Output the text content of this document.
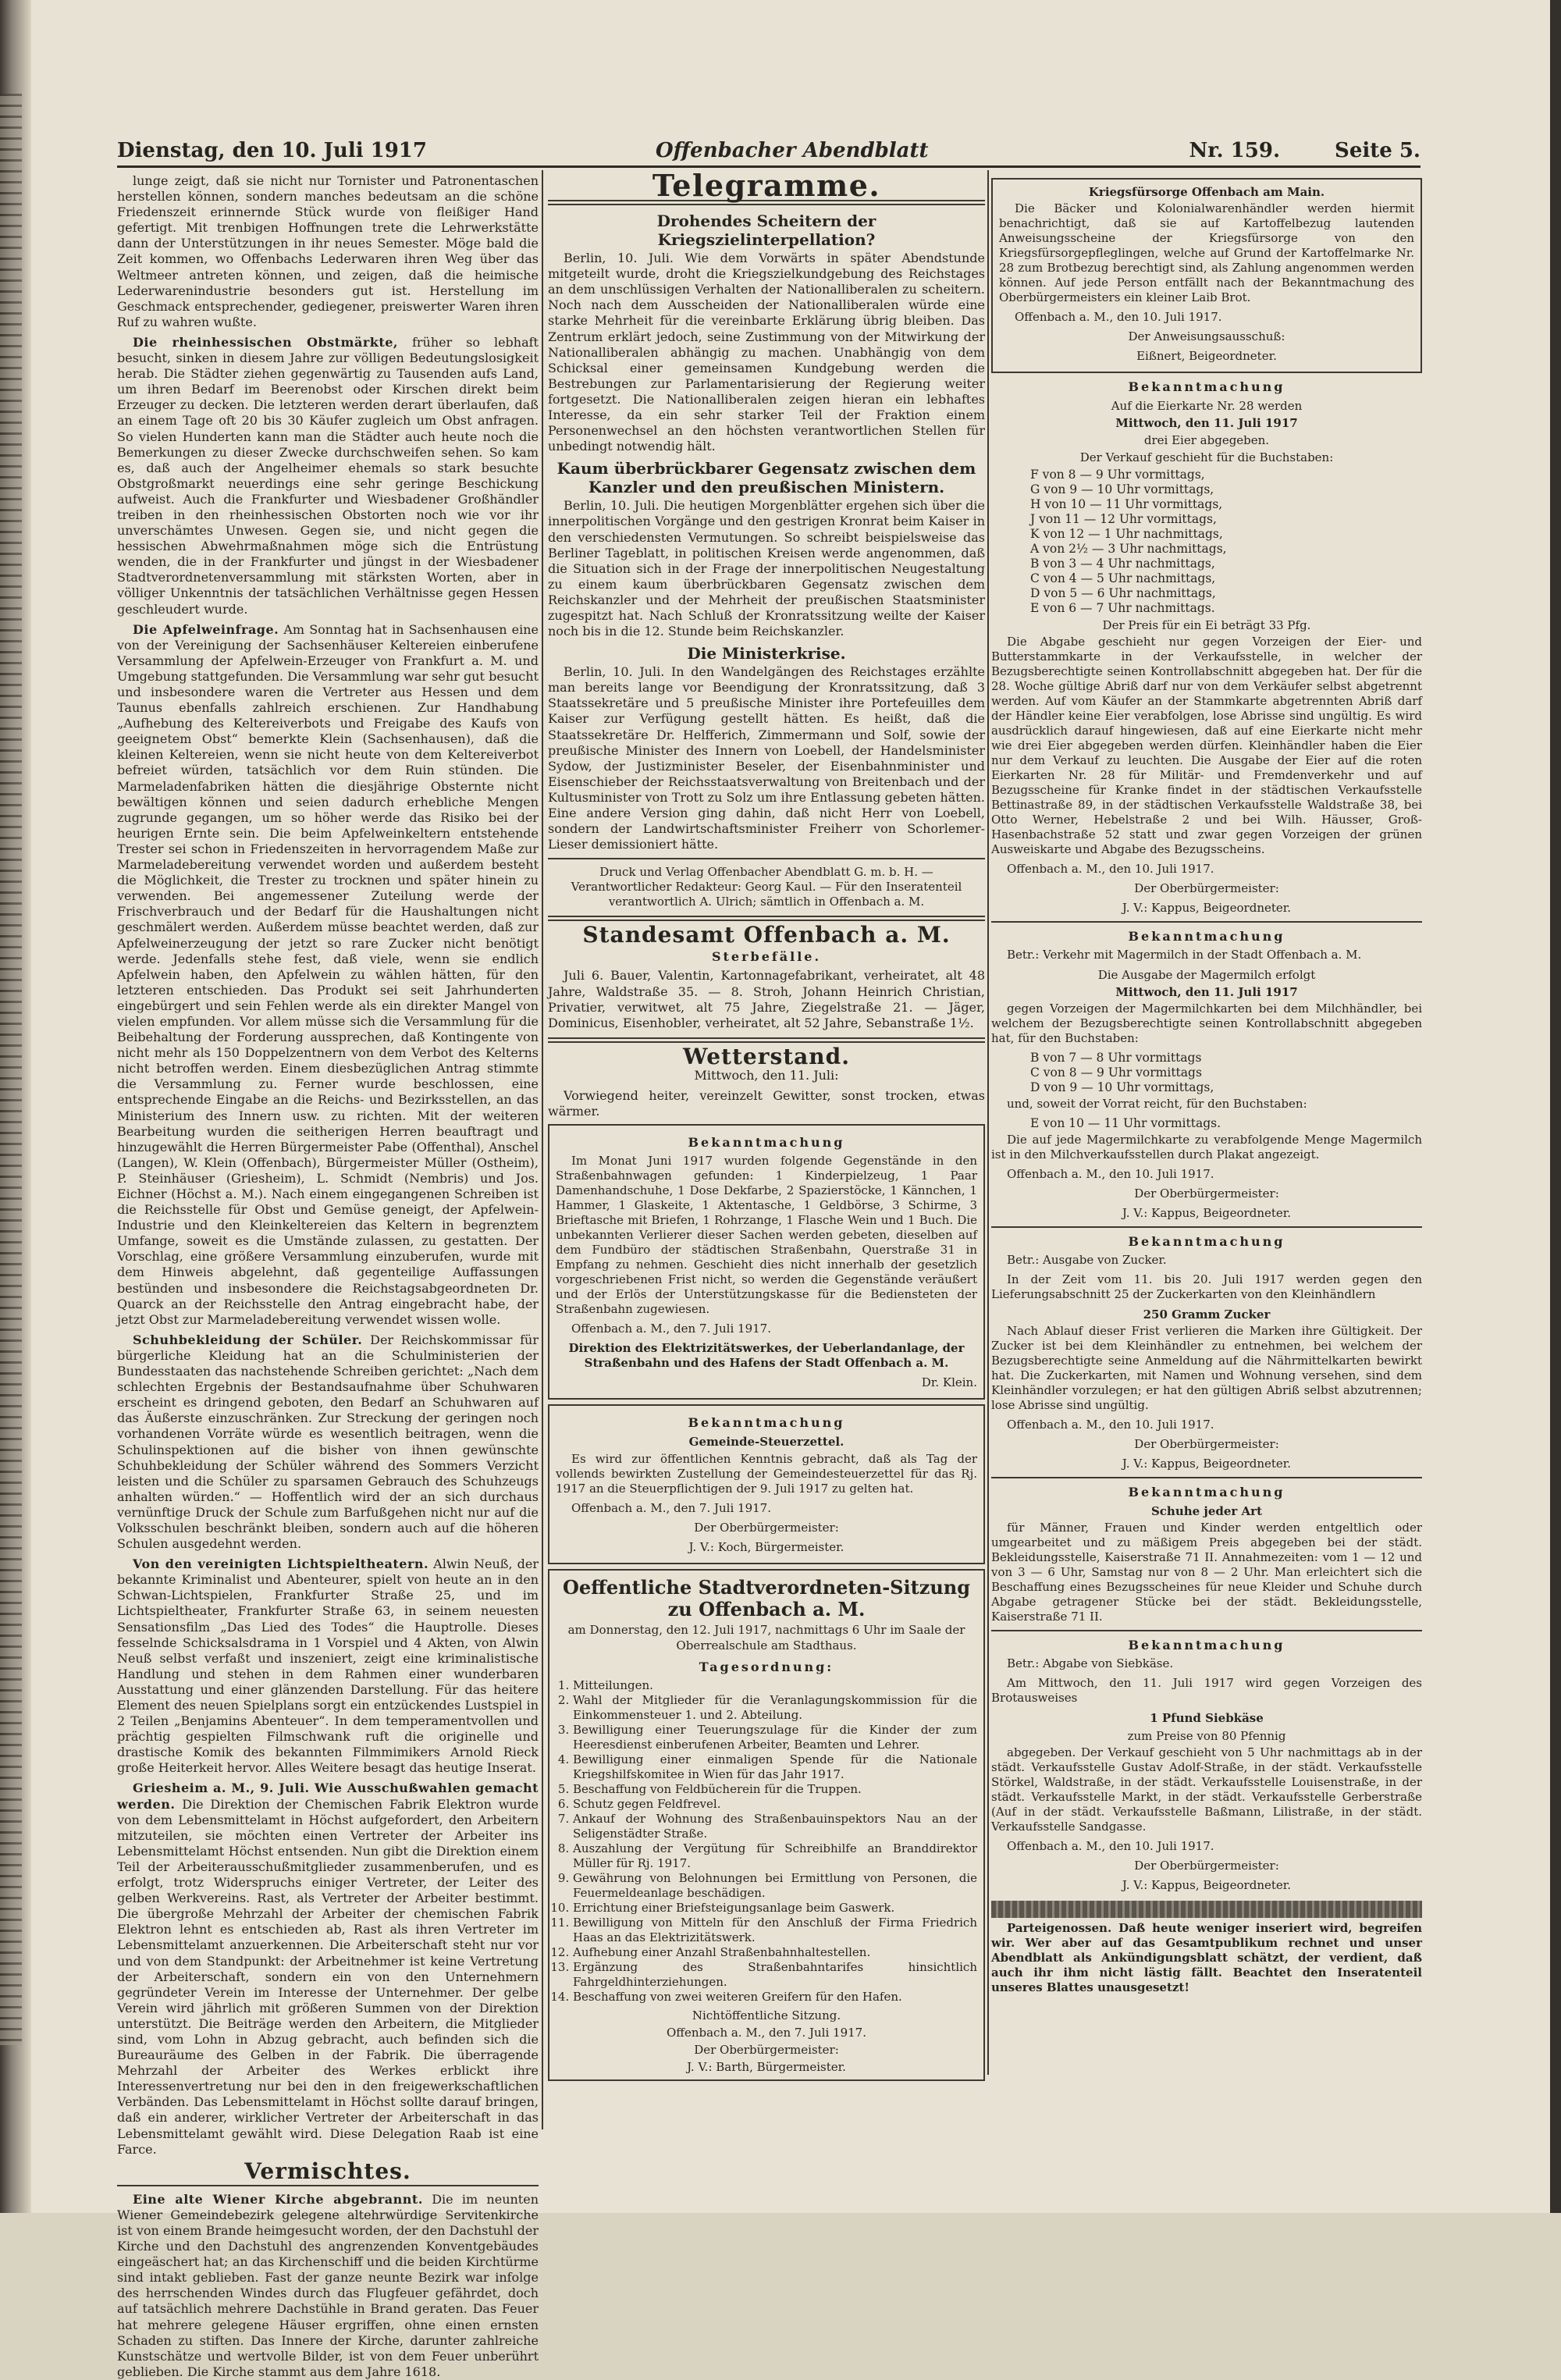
Dienstag, den 10. Juli 1917	Offenbacher Abendblatt	Nr. 159.	Seite 5.

lunge zeigt, daß sie nicht nur Tornister und Patronentaschen herstellen können, sondern manches bedeutsam an die schöne Friedenszeit erinnernde Stück wurde von fleißiger Hand gefertigt. Mit trenbigen Hoffnungen trete die Lehrwerkstätte dann der Unterstützungen in ihr neues Semester. Möge bald die Zeit kommen, wo Offenbachs Lederwaren ihren Weg über das Weltmeer antreten können, und zeigen, daß die heimische Lederwarenindustrie besonders gut ist. Herstellung im Geschmack entsprechender, gediegener, preiswerter Waren ihren Ruf zu wahren wußte.

Die rheinhessischen Obstmärkte, früher so lebhaft besucht, sinken in diesem Jahre zur völligen Bedeutungslosigkeit herab. Die Städter ziehen gegenwärtig zu Tausenden aufs Land, um ihren Bedarf im Beerenobst oder Kirschen direkt beim Erzeuger zu decken. Die letzteren werden derart überlaufen, daß an einem Tage oft 20 bis 30 Käufer zugleich um Obst anfragen. So vielen Hunderten kann man die Städter auch heute noch die Bemerkungen zu dieser Zwecke durchschweifen sehen. So kam es, daß auch der Angelheimer ehemals so stark besuchte Obstgroßmarkt neuerdings eine sehr geringe Beschickung aufweist. Auch die Frankfurter und Wiesbadener Großhändler treiben in den rheinhessischen Obstorten noch wie vor ihr unverschämtes Unwesen. Gegen sie, und nicht gegen die hessischen Abwehrmaßnahmen möge sich die Entrüstung wenden, die in der Frankfurter und jüngst in der Wiesbadener Stadtverordnetenversammlung mit stärksten Worten, aber in völliger Unkenntnis der tatsächlichen Verhältnisse gegen Hessen geschleudert wurde.

Die Apfelweinfrage. Am Sonntag hat in Sachsenhausen eine von der Vereinigung der Sachsenhäuser Keltereien einberufene Versammlung der Apfelwein-Erzeuger von Frankfurt a. M. und Umgebung stattgefunden. Die Versammlung war sehr gut besucht und insbesondere waren die Vertreter aus Hessen und dem Taunus ebenfalls zahlreich erschienen. Zur Handhabung „Aufhebung des Keltereiverbots und Freigabe des Kaufs von geeignetem Obst“ bemerkte Klein (Sachsenhausen), daß die kleinen Keltereien, wenn sie nicht heute von dem Keltereiverbot befreiet würden, tatsächlich vor dem Ruin stünden. Die Marmeladenfabriken hätten die diesjährige Obsternte nicht bewältigen können und seien dadurch erhebliche Mengen zugrunde gegangen, um so höher werde das Risiko bei der heurigen Ernte sein. Die beim Apfelweinkeltern entstehende Trester sei schon in Friedenszeiten in hervorragendem Maße zur Marmeladebereitung verwendet worden und außerdem besteht die Möglichkeit, die Trester zu trocknen und später hinein zu verwenden. Bei angemessener Zuteilung werde der Frischverbrauch und der Bedarf für die Haushaltungen nicht geschmälert werden. Außerdem müsse beachtet werden, daß zur Apfelweinerzeugung der jetzt so rare Zucker nicht benötigt werde. Jedenfalls stehe fest, daß viele, wenn sie endlich Apfelwein haben, den Apfelwein zu wählen hätten, für den letzteren entschieden. Das Produkt sei seit Jahrhunderten eingebürgert und sein Fehlen werde als ein direkter Mangel von vielen empfunden. Vor allem müsse sich die Versammlung für die Beibehaltung der Forderung aussprechen, daß Kontingente von nicht mehr als 150 Doppelzentnern von dem Verbot des Kelterns nicht betroffen werden. Einem diesbezüglichen Antrag stimmte die Versammlung zu. Ferner wurde beschlossen, eine entsprechende Eingabe an die Reichs- und Bezirksstellen, an das Ministerium des Innern usw. zu richten. Mit der weiteren Bearbeitung wurden die seitherigen Herren beauftragt und hinzugewählt die Herren Bürgermeister Pabe (Offenthal), Anschel (Langen), W. Klein (Offenbach), Bürgermeister Müller (Ostheim), P. Steinhäuser (Griesheim), L. Schmidt (Nembris) und Jos. Eichner (Höchst a. M.). Nach einem eingegangenen Schreiben ist die Reichsstelle für Obst und Gemüse geneigt, der Apfelwein-Industrie und den Kleinkeltereien das Keltern in begrenztem Umfange, soweit es die Umstände zulassen, zu gestatten. Der Vorschlag, eine größere Versammlung einzuberufen, wurde mit dem Hinweis abgelehnt, daß gegenteilige Auffassungen bestünden und insbesondere die Reichstagsabgeordneten Dr. Quarck an der Reichsstelle den Antrag eingebracht habe, der jetzt Obst zur Marmeladebereitung verwendet wissen wolle.

Schuhbekleidung der Schüler. Der Reichskommissar für bürgerliche Kleidung hat an die Schulministerien der Bundesstaaten das nachstehende Schreiben gerichtet: „Nach dem schlechten Ergebnis der Bestandsaufnahme über Schuhwaren erscheint es dringend geboten, den Bedarf an Schuhwaren auf das Äußerste einzuschränken. Zur Streckung der geringen noch vorhandenen Vorräte würde es wesentlich beitragen, wenn die Schulinspektionen auf die bisher von ihnen gewünschte Schuhbekleidung der Schüler während des Sommers Verzicht leisten und die Schüler zu sparsamen Gebrauch des Schuhzeugs anhalten würden.“ — Hoffentlich wird der an sich durchaus vernünftige Druck der Schule zum Barfußgehen nicht nur auf die Volksschulen beschränkt bleiben, sondern auch auf die höheren Schulen ausgedehnt werden.

Von den vereinigten Lichtspieltheatern. Alwin Neuß, der bekannte Kriminalist und Abenteurer, spielt von heute an in den Schwan-Lichtspielen, Frankfurter Straße 25, und im Lichtspieltheater, Frankfurter Straße 63, in seinem neuesten Sensationsfilm „Das Lied des Todes“ die Hauptrolle. Dieses fesselnde Schicksalsdrama in 1 Vorspiel und 4 Akten, von Alwin Neuß selbst verfaßt und inszeniert, zeigt eine kriminalistische Handlung und stehen in dem Rahmen einer wunderbaren Ausstattung und einer glänzenden Darstellung. Für das heitere Element des neuen Spielplans sorgt ein entzückendes Lustspiel in 2 Teilen „Benjamins Abenteuer“. In dem temperamentvollen und prächtig gespielten Filmschwank ruft die originelle und drastische Komik des bekannten Filmmimikers Arnold Rieck große Heiterkeit hervor. Alles Weitere besagt das heutige Inserat.

Griesheim a. M., 9. Juli. Wie Ausschußwahlen gemacht werden. Die Direktion der Chemischen Fabrik Elektron wurde von dem Lebensmittelamt in Höchst aufgefordert, den Arbeitern mitzuteilen, sie möchten einen Vertreter der Arbeiter ins Lebensmittelamt Höchst entsenden. Nun gibt die Direktion einem Teil der Arbeiterausschußmitglieder zusammenberufen, und es erfolgt, trotz Widerspruchs einiger Vertreter, der Leiter des gelben Werkvereins. Rast, als Vertreter der Arbeiter bestimmt. Die übergroße Mehrzahl der Arbeiter der chemischen Fabrik Elektron lehnt es entschieden ab, Rast als ihren Vertreter im Lebensmittelamt anzuerkennen. Die Arbeiterschaft steht nur vor und von dem Standpunkt: der Arbeitnehmer ist keine Vertretung der Arbeiterschaft, sondern ein von den Unternehmern gegründeter Verein im Interesse der Unternehmer. Der gelbe Verein wird jährlich mit größeren Summen von der Direktion unterstützt. Die Beiträge werden den Arbeitern, die Mitglieder sind, vom Lohn in Abzug gebracht, auch befinden sich die Bureauräume des Gelben in der Fabrik. Die überragende Mehrzahl der Arbeiter des Werkes erblickt ihre Interessenvertretung nur bei den in den freigewerkschaftlichen Verbänden. Das Lebensmittelamt in Höchst sollte darauf bringen, daß ein anderer, wirklicher Vertreter der Arbeiterschaft in das Lebensmittelamt gewählt wird. Diese Delegation Raab ist eine Farce.

Vermischtes.

Eine alte Wiener Kirche abgebrannt. Die im neunten Wiener Gemeindebezirk gelegene altehrwürdige Servitenkirche ist von einem Brande heimgesucht worden, der den Dachstuhl der Kirche und den Dachstuhl des angrenzenden Konventgebäudes eingeäschert hat; an das Kirchenschiff und die beiden Kirchtürme sind intakt geblieben. Fast der ganze neunte Bezirk war infolge des herrschenden Windes durch das Flugfeuer gefährdet, doch auf tatsächlich mehrere Dachstühle in Brand geraten. Das Feuer hat mehrere gelegene Häuser ergriffen, ohne einen ernsten Schaden zu stiften. Das Innere der Kirche, darunter zahlreiche Kunstschätze und wertvolle Bilder, ist von dem Feuer unberührt geblieben. Die Kirche stammt aus dem Jahre 1618.

Telegramme.
Drohendes Scheitern der Kriegszielinterpellation?

Berlin, 10. Juli. Wie dem Vorwärts in später Abendstunde mitgeteilt wurde, droht die Kriegszielkundgebung des Reichstages an dem unschlüssigen Verhalten der Nationalliberalen zu scheitern. Noch nach dem Ausscheiden der Nationalliberalen würde eine starke Mehrheit für die vereinbarte Erklärung übrig bleiben. Das Zentrum erklärt jedoch, seine Zustimmung von der Mitwirkung der Nationalliberalen abhängig zu machen. Unabhängig von dem Schicksal einer gemeinsamen Kundgebung werden die Bestrebungen zur Parlamentarisierung der Regierung weiter fortgesetzt. Die Nationalliberalen zeigen hieran ein lebhaftes Interesse, da ein sehr starker Teil der Fraktion einem Personenwechsel an den höchsten verantwortlichen Stellen für unbedingt notwendig hält.

Kaum überbrückbarer Gegensatz zwischen dem Kanzler und den preußischen Ministern.

Berlin, 10. Juli. Die heutigen Morgenblätter ergehen sich über die innerpolitischen Vorgänge und den gestrigen Kronrat beim Kaiser in den verschiedensten Vermutungen. So schreibt beispielsweise das Berliner Tageblatt, in politischen Kreisen werde angenommen, daß die Situation sich in der Frage der innerpolitischen Neugestaltung zu einem kaum überbrückbaren Gegensatz zwischen dem Reichskanzler und der Mehrheit der preußischen Staatsminister zugespitzt hat. Nach Schluß der Kronratssitzung weilte der Kaiser noch bis in die 12. Stunde beim Reichskanzler.

Die Ministerkrise.

Berlin, 10. Juli. In den Wandelgängen des Reichstages erzählte man bereits lange vor Beendigung der Kronratssitzung, daß 3 Staatssekretäre und 5 preußische Minister ihre Portefeuilles dem Kaiser zur Verfügung gestellt hätten. Es heißt, daß die Staatssekretäre Dr. Helfferich, Zimmermann und Solf, sowie der preußische Minister des Innern von Loebell, der Handelsminister Sydow, der Justizminister Beseler, der Eisenbahnminister und Eisenschieber der Reichsstaatsverwaltung von Breitenbach und der Kultusminister von Trott zu Solz um ihre Entlassung gebeten hätten. Eine andere Version ging dahin, daß nicht Herr von Loebell, sondern der Landwirtschaftsminister Freiherr von Schorlemer-Lieser demissioniert hätte.

Druck und Verlag Offenbacher Abendblatt G. m. b. H. — Verantwortlicher Redakteur: Georg Kaul. — Für den Inseratenteil verantwortlich A. Ulrich; sämtlich in Offenbach a. M.

Standesamt Offenbach a. M.
Sterbefälle.

Juli 6. Bauer, Valentin, Kartonnagefabrikant, verheiratet, alt 48 Jahre, Waldstraße 35. — 8. Stroh, Johann Heinrich Christian, Privatier, verwitwet, alt 75 Jahre, Ziegelstraße 21. — Jäger, Dominicus, Eisenhobler, verheiratet, alt 52 Jahre, Sebanstraße 1½.

Wetterstand.

Mittwoch, den 11. Juli:

Vorwiegend heiter, vereinzelt Gewitter, sonst trocken, etwas wärmer.

Bekanntmachung

Im Monat Juni 1917 wurden folgende Gegenstände in den Straßenbahnwagen gefunden: 1 Kinderpielzeug, 1 Paar Damenhandschuhe, 1 Dose Dekfarbe, 2 Spazierstöcke, 1 Kännchen, 1 Hammer, 1 Glaskeite, 1 Aktentasche, 1 Geldbörse, 3 Schirme, 3 Brieftasche mit Briefen, 1 Rohrzange, 1 Flasche Wein und 1 Buch. Die unbekannten Verlierer dieser Sachen werden gebeten, dieselben auf dem Fundbüro der städtischen Straßenbahn, Querstraße 31 in Empfang zu nehmen. Geschieht dies nicht innerhalb der gesetzlich vorgeschriebenen Frist nicht, so werden die Gegenstände veräußert und der Erlös der Unterstützungskasse für die Bediensteten der Straßenbahn zugewiesen.

Offenbach a. M., den 7. Juli 1917.

Direktion des Elektrizitätswerkes, der Ueberlandanlage, der Straßenbahn und des Hafens der Stadt Offenbach a. M.

Dr. Klein.

Bekanntmachung
Gemeinde-Steuerzettel.

Es wird zur öffentlichen Kenntnis gebracht, daß als Tag der vollends bewirkten Zustellung der Gemeindesteuerzettel für das Rj. 1917 an die Steuerpflichtigen der 9. Juli 1917 zu gelten hat.

Offenbach a. M., den 7. Juli 1917.

Der Oberbürgermeister:

J. V.: Koch, Bürgermeister.

Oeffentliche Stadtverordneten-Sitzung zu Offenbach a. M.
am Donnerstag, den 12. Juli 1917, nachmittags 6 Uhr im Saale der Oberrealschule am Stadthaus.
Tagesordnung:
1. Mitteilungen.
2. Wahl der Mitglieder für die Veranlagungskommission für die Einkommensteuer 1. und 2. Abteilung.
3. Bewilligung einer Teuerungszulage für die Kinder der zum Heeresdienst einberufenen Arbeiter, Beamten und Lehrer.
4. Bewilligung einer einmaligen Spende für die Nationale Kriegshilfskomitee in Wien für das Jahr 1917.
5. Beschaffung von Feldbücherein für die Truppen.
6. Schutz gegen Feldfrevel.
7. Ankauf der Wohnung des Straßenbauinspektors Nau an der Seligenstädter Straße.
8. Auszahlung der Vergütung für Schreibhilfe an Branddirektor Müller für Rj. 1917.
9. Gewährung von Belohnungen bei Ermittlung von Personen, die Feuermeldeanlage beschädigen.
10. Errichtung einer Briefsteigungsanlage beim Gaswerk.
11. Bewilligung von Mitteln für den Anschluß der Firma Friedrich Haas an das Elektrizitätswerk.
12. Aufhebung einer Anzahl Straßenbahnhaltestellen.
13. Ergänzung des Straßenbahntarifes hinsichtlich Fahrgeldhinterziehungen.
14. Beschaffung von zwei weiteren Greifern für den Hafen.
Nichtöffentliche Sitzung.
Offenbach a. M., den 7. Juli 1917.
Der Oberbürgermeister:
J. V.: Barth, Bürgermeister.
Kriegsfürsorge Offenbach am Main.

Die Bäcker und Kolonialwarenhändler werden hiermit benachrichtigt, daß sie auf Kartoffelbezug lautenden Anweisungsscheine der Kriegsfürsorge von den Kriegsfürsorgepfleglingen, welche auf Grund der Kartoffelmarke Nr. 28 zum Brotbezug berechtigt sind, als Zahlung angenommen werden können. Auf jede Person entfällt nach der Bekanntmachung des Oberbürgermeisters ein kleiner Laib Brot.

Offenbach a. M., den 10. Juli 1917.

Der Anweisungsausschuß:

Eißnert, Beigeordneter.

Bekanntmachung
Auf die Eierkarte Nr. 28 werden
Mittwoch, den 11. Juli 1917
drei Eier abgegeben.
Der Verkauf geschieht für die Buchstaben:
F von 8 — 9 Uhr vormittags,
G von 9 — 10 Uhr vormittags,
H von 10 — 11 Uhr vormittags,
J von 11 — 12 Uhr vormittags,
K von 12 — 1 Uhr nachmittags,
A von 2½ — 3 Uhr nachmittags,
B von 3 — 4 Uhr nachmittags,
C von 4 — 5 Uhr nachmittags,
D von 5 — 6 Uhr nachmittags,
E von 6 — 7 Uhr nachmittags.
Der Preis für ein Ei beträgt 33 Pfg.

Die Abgabe geschieht nur gegen Vorzeigen der Eier- und Butterstammkarte in der Verkaufsstelle, in welcher der Bezugsberechtigte seinen Kontrollabschnitt abgegeben hat. Der für die 28. Woche gültige Abriß darf nur von dem Verkäufer selbst abgetrennt werden. Auf vom Käufer an der Stammkarte abgetrennten Abriß darf der Händler keine Eier verabfolgen, lose Abrisse sind ungültig. Es wird ausdrücklich darauf hingewiesen, daß auf eine Eierkarte nicht mehr wie drei Eier abgegeben werden dürfen. Kleinhändler haben die Eier nur dem Verkauf zu leuchten. Die Ausgabe der Eier auf die roten Eierkarten Nr. 28 für Militär- und Fremdenverkehr und auf Bezugsscheine für Kranke findet in der städtischen Verkaufsstelle Bettinastraße 89, in der städtischen Verkaufsstelle Waldstraße 38, bei Otto Werner, Hebelstraße 2 und bei Wilh. Häusser, Groß-Hasenbachstraße 52 statt und zwar gegen Vorzeigen der grünen Ausweiskarte und Abgabe des Bezugsscheins.

Offenbach a. M., den 10. Juli 1917.

Der Oberbürgermeister:

J. V.: Kappus, Beigeordneter.

Bekanntmachung

Betr.: Verkehr mit Magermilch in der Stadt Offenbach a. M.

Die Ausgabe der Magermilch erfolgt
Mittwoch, den 11. Juli 1917

gegen Vorzeigen der Magermilchkarten bei dem Milchhändler, bei welchem der Bezugsberechtigte seinen Kontrollabschnitt abgegeben hat, für den Buchstaben:

B von 7 — 8 Uhr vormittags
C von 8 — 9 Uhr vormittags
D von 9 — 10 Uhr vormittags,

und, soweit der Vorrat reicht, für den Buchstaben:

E von 10 — 11 Uhr vormittags.

Die auf jede Magermilchkarte zu verabfolgende Menge Magermilch ist in den Milchverkaufsstellen durch Plakat angezeigt.

Offenbach a. M., den 10. Juli 1917.

Der Oberbürgermeister:

J. V.: Kappus, Beigeordneter.

Bekanntmachung

Betr.: Ausgabe von Zucker.

In der Zeit vom 11. bis 20. Juli 1917 werden gegen den Lieferungsabschnitt 25 der Zuckerkarten von den Kleinhändlern

250 Gramm Zucker

Nach Ablauf dieser Frist verlieren die Marken ihre Gültigkeit. Der Zucker ist bei dem Kleinhändler zu entnehmen, bei welchem der Bezugsberechtigte seine Anmeldung auf die Nährmittelkarten bewirkt hat. Die Zuckerkarten, mit Namen und Wohnung versehen, sind dem Kleinhändler vorzulegen; er hat den gültigen Abriß selbst abzutrennen; lose Abrisse sind ungültig.

Offenbach a. M., den 10. Juli 1917.

Der Oberbürgermeister:

J. V.: Kappus, Beigeordneter.

Bekanntmachung
Schuhe jeder Art

für Männer, Frauen und Kinder werden entgeltlich oder umgearbeitet und zu mäßigem Preis abgegeben bei der städt. Bekleidungsstelle, Kaiserstraße 71 II. Annahmezeiten: vom 1 — 12 und von 3 — 6 Uhr, Samstag nur von 8 — 2 Uhr. Man erleichtert sich die Beschaffung eines Bezugsscheines für neue Kleider und Schuhe durch Abgabe getragener Stücke bei der städt. Bekleidungsstelle, Kaiserstraße 71 II.

Bekanntmachung

Betr.: Abgabe von Siebkäse.

Am Mittwoch, den 11. Juli 1917 wird gegen Vorzeigen des Brotausweises

1 Pfund Siebkäse
zum Preise von 80 Pfennig

abgegeben. Der Verkauf geschieht von 5 Uhr nachmittags ab in der städt. Verkaufsstelle Gustav Adolf-Straße, in der städt. Verkaufsstelle Störkel, Waldstraße, in der städt. Verkaufsstelle Louisenstraße, in der städt. Verkaufsstelle Markt, in der städt. Verkaufsstelle Gerberstraße (Auf in der städt. Verkaufsstelle Baßmann, Lilistraße, in der städt. Verkaufsstelle Sandgasse.

Offenbach a. M., den 10. Juli 1917.

Der Oberbürgermeister:

J. V.: Kappus, Beigeordneter.

Parteigenossen. Daß heute weniger inseriert wird, begreifen wir. Wer aber auf das Gesamtpublikum rechnet und unser Abendblatt als Ankündigungsblatt schätzt, der verdient, daß auch ihr ihm nicht lästig fällt. Beachtet den Inseratenteil unseres Blattes unausgesetzt!
